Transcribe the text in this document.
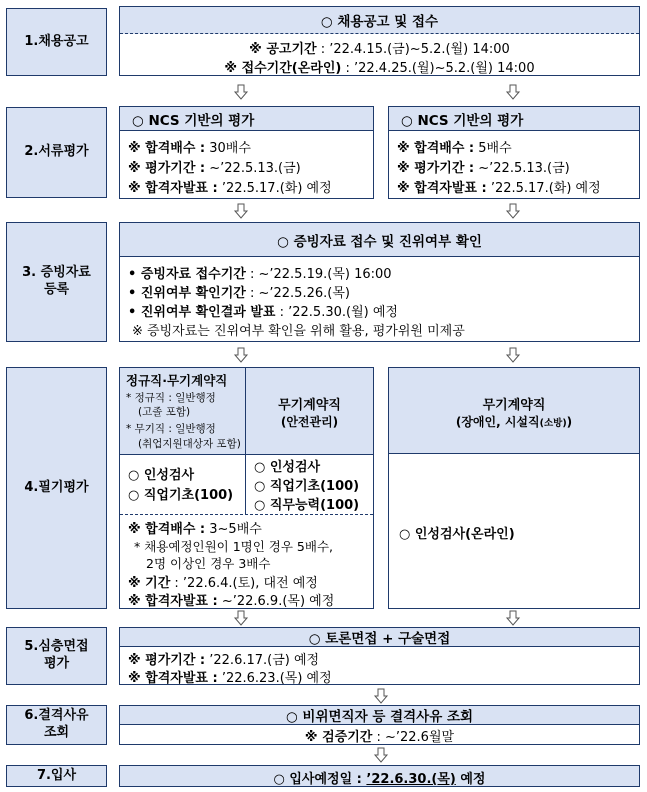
1.채용공고
2.서류평가
3. 증빙자료
등록
4.필기평가
5.심층면접
평가
6.결격사유
조회
7.입사
○ 채용공고 및 접수
※ 공고기간 : ’22.4.15.(금)~5.2.(월) 14:00
※ 접수기간(온라인) : ’22.4.25.(월)~5.2.(월) 14:00
○ NCS 기반의 평가
※ 합격배수 : 30배수
※ 평가기간 : ~’22.5.13.(금)
※ 합격자발표 : ’22.5.17.(화) 예정
○ NCS 기반의 평가
※ 합격배수 : 5배수
※ 평가기간 : ~’22.5.13.(금)
※ 합격자발표 : ’22.5.17.(화) 예정
○ 증빙자료 접수 및 진위여부 확인
• 증빙자료 접수기간 : ~’22.5.19.(목) 16:00
• 진위여부 확인기간 : ~’22.5.26.(목)
• 진위여부 확인결과 발표 : ’22.5.30.(월) 예정
※ 증빙자료는 진위여부 확인을 위해 활용, 평가위원 미제공
정규직·무기계약직
* 정규직 : 일반행정
(고졸 포함)
* 무기직 : 일반행정
(취업지원대상자 포함)
무기계약직
(안전관리)
○ 인성검사
○ 직업기초(100)
○ 인성검사
○ 직업기초(100)
○ 직무능력(100)
※ 합격배수 : 3~5배수
* 채용예정인원이 1명인 경우 5배수,
2명 이상인 경우 3배수
※ 기간 : ’22.6.4.(토), 대전 예정
※ 합격자발표 : ~’22.6.9.(목) 예정
무기계약직
(장애인, 시설직(소방))
○ 인성검사(온라인)
○ 토론면접 + 구술면접
※ 평가기간 : ’22.6.17.(금) 예정
※ 합격자발표 : ’22.6.23.(목) 예정
○ 비위면직자 등 결격사유 조회
※ 검증기간 : ~’22.6월말
○ 입사예정일 : ’22.6.30.(목) 예정
